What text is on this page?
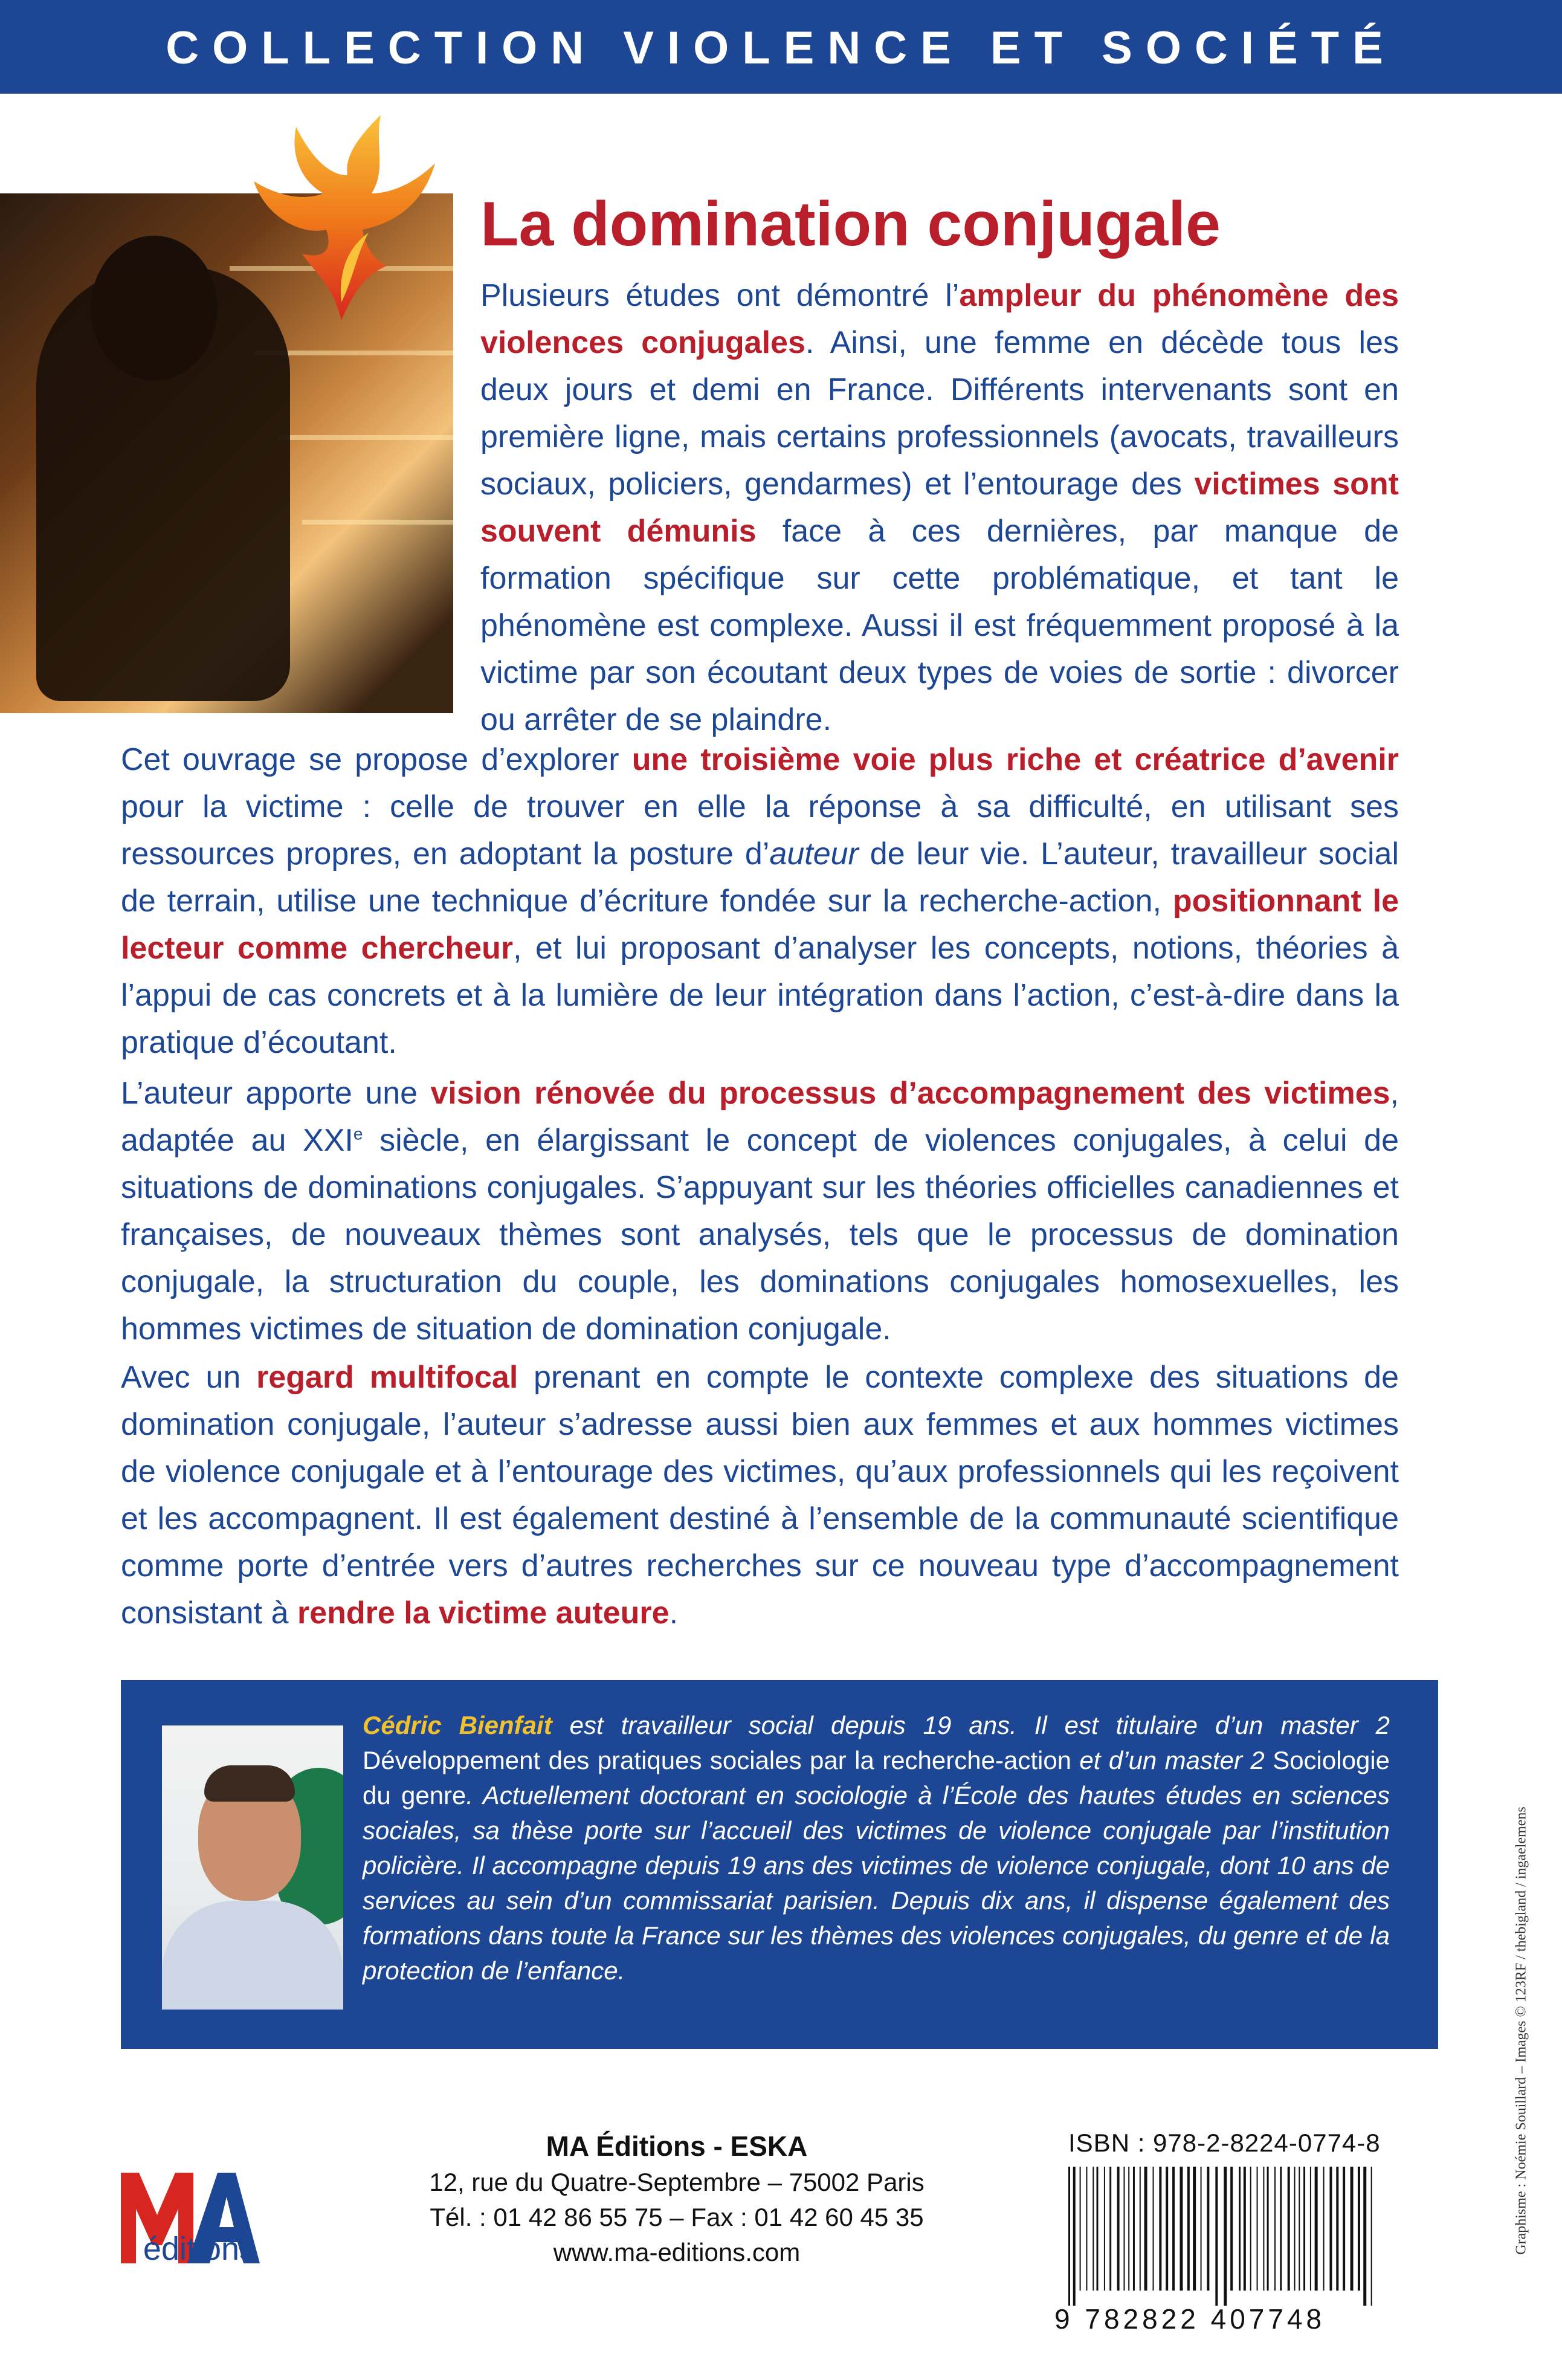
COLLECTION VIOLENCE ET SOCIÉTÉ
La domination conjugale
Plusieurs études ont démontré l’ampleur du phénomène des violences conjugales. Ainsi, une femme en décède tous les deux jours et demi en France. Différents intervenants sont en première ligne, mais certains professionnels (avocats, travailleurs sociaux, policiers, gendarmes) et l’entourage des victimes sont souvent démunis face à ces dernières, par manque de formation spécifique sur cette problématique, et tant le phénomène est complexe. Aussi il est fréquemment proposé à la victime par son écoutant deux types de voies de sortie : divorcer ou arrêter de se plaindre.
Cet ouvrage se propose d’explorer une troisième voie plus riche et créatrice d’avenir pour la victime : celle de trouver en elle la réponse à sa difficulté, en utilisant ses ressources propres, en adoptant la posture d’auteur de leur vie. L’auteur, travailleur social de terrain, utilise une technique d’écriture fondée sur la recherche-action, positionnant le lecteur comme chercheur, et lui proposant d’analyser les concepts, notions, théories à l’appui de cas concrets et à la lumière de leur intégration dans l’action, c’est-à-dire dans la pratique d’écoutant.
L’auteur apporte une vision rénovée du processus d’accompagnement des victimes, adaptée au XXIe siècle, en élargissant le concept de violences conjugales, à celui de situations de dominations conjugales. S’appuyant sur les théories officielles canadiennes et françaises, de nouveaux thèmes sont analysés, tels que le processus de domination conjugale, la structuration du couple, les dominations conjugales homosexuelles, les hommes victimes de situation de domination conjugale.
Avec un regard multifocal prenant en compte le contexte complexe des situations de domination conjugale, l’auteur s’adresse aussi bien aux femmes et aux hommes victimes de violence conjugale et à l’entourage des victimes, qu’aux professionnels qui les reçoivent et les accompagnent. Il est également destiné à l’ensemble de la communauté scientifique comme porte d’entrée vers d’autres recherches sur ce nouveau type d’accompagnement consistant à rendre la victime auteure.
Cédric Bienfait est travailleur social depuis 19 ans. Il est titulaire d’un master 2 Développement des pratiques sociales par la recherche-action et d’un master 2 Sociologie du genre. Actuellement doctorant en sociologie à l’École des hautes études en sciences sociales, sa thèse porte sur l’accueil des victimes de violence conjugale par l’institution policière. Il accompagne depuis 19 ans des victimes de violence conjugale, dont 10 ans de services au sein d’un commissariat parisien. Depuis dix ans, il dispense également des formations dans toute la France sur les thèmes des violences conjugales, du genre et de la protection de l’enfance.	Graphisme : Noémie Souillard – Images © 123RF / thebigland / ingaelemens
éditions
MA Éditions - ESKA
12, rue du Quatre-Septembre – 75002 Paris
Tél. : 01 42 86 55 75 – Fax : 01 42 60 45 35
www.ma-editions.com
ISBN : 978-2-8224-0774-8
9 782822 407748
